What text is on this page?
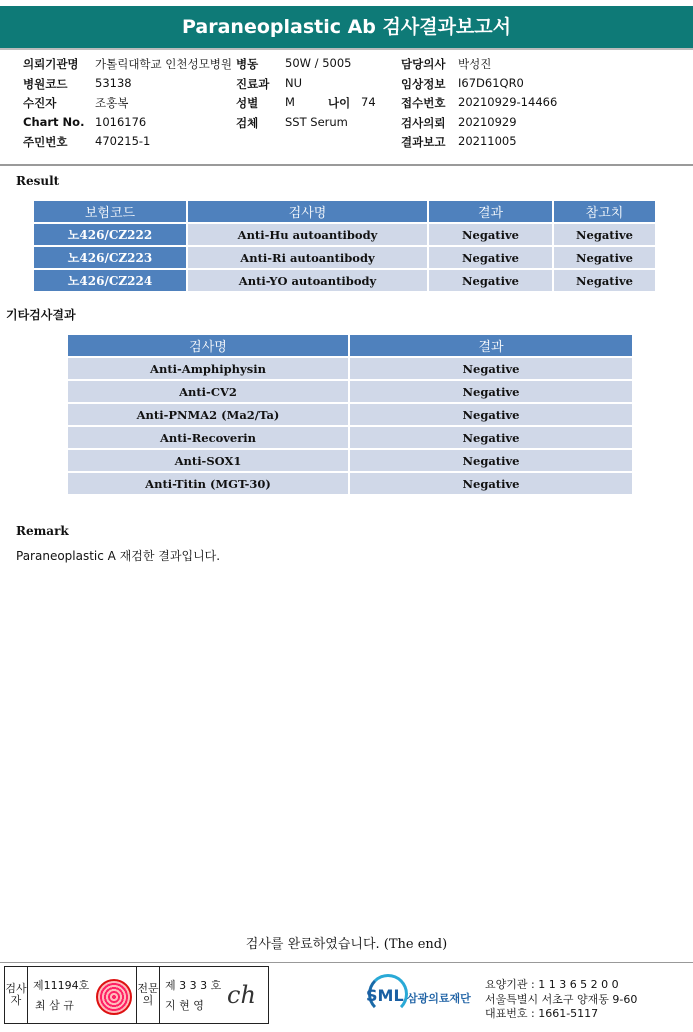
Paraneoplastic Ab 검사결과보고서
의뢰기관명 가톨릭대학교 인천성모병원 병동 50W / 5005	담당의사 박성진
병원코드 53138	진료과 NU	임상정보 I67D61QR0
수진자	조홍복	성별 M	나이 74 접수번호 20210929-14466
Chart No. 1016176	검체 SST Serum	검사의뢰 20210929
주민번호 470215-1	결과보고 20211005
Result
보험코드	검사명	결과	참고치
노426/CZ222	Anti-Hu autoantibody	Negative	Negative
노426/CZ223	Anti-Ri autoantibody	Negative	Negative
노426/CZ224	Anti-YO autoantibody	Negative	Negative
기타검사결과
검사명	결과
Anti-Amphiphysin	Negative
Anti-CV2	Negative
Anti-PNMA2 (Ma2/Ta)	Negative
Anti-Recoverin	Negative
Anti-SOX1	Negative
Anti-Titin (MGT-30)	Negative
Remark
Paraneoplastic A 재검한 결과입니다.
검사를 완료하였습니다. (The end)
검사자
제11194호
최 삼 규
전문의
제 3 3 3 호
지 현 영 ch	SML 삼광의료재단
요양기관 : 1 1 3 6 5 2 0 0
서울특별시 서초구 양재동 9-60
대표번호 : 1661-5117
